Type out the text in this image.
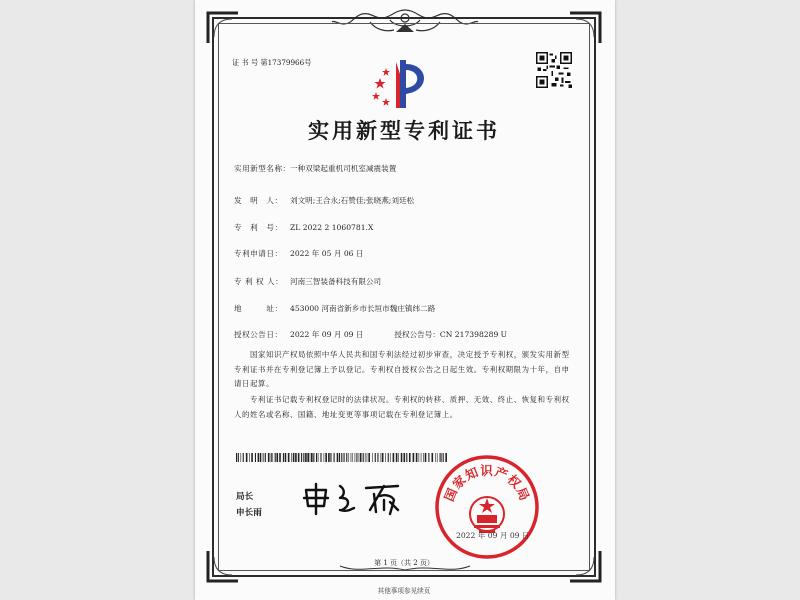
证 书 号 第17379966号
实用新型专利证书
实用新型名称：一种双梁起重机司机室减震装置
发　明　人： 刘文明;王合永;石赞佳;张晓燕;刘廷松
专　利　号： ZL 2022 2 1060781.X
专利申请日： 2022 年 05 月 06 日
专 利 权 人： 河南三智装备科技有限公司
地　　　址： 453000 河南省新乡市长垣市魏庄镇纬二路
授权公告日： 2022 年 09 月 09 日	授权公告号：CN 217398289 U
国家知识产权局依照中华人民共和国专利法经过初步审查，决定授予专利权，颁发实用新型专利证书并在专利登记簿上予以登记。专利权自授权公告之日起生效。专利权期限为十年，自申请日起算。
专利证书记载专利权登记时的法律状况。专利权的转移、质押、无效、终止、恢复和专利权人的姓名或名称、国籍、地址变更等事项记载在专利登记簿上。
局长
申长雨
国家知识产权局
2022 年 09 月 09 日
第 1 页（共 2 页）
其他事项参见续页
